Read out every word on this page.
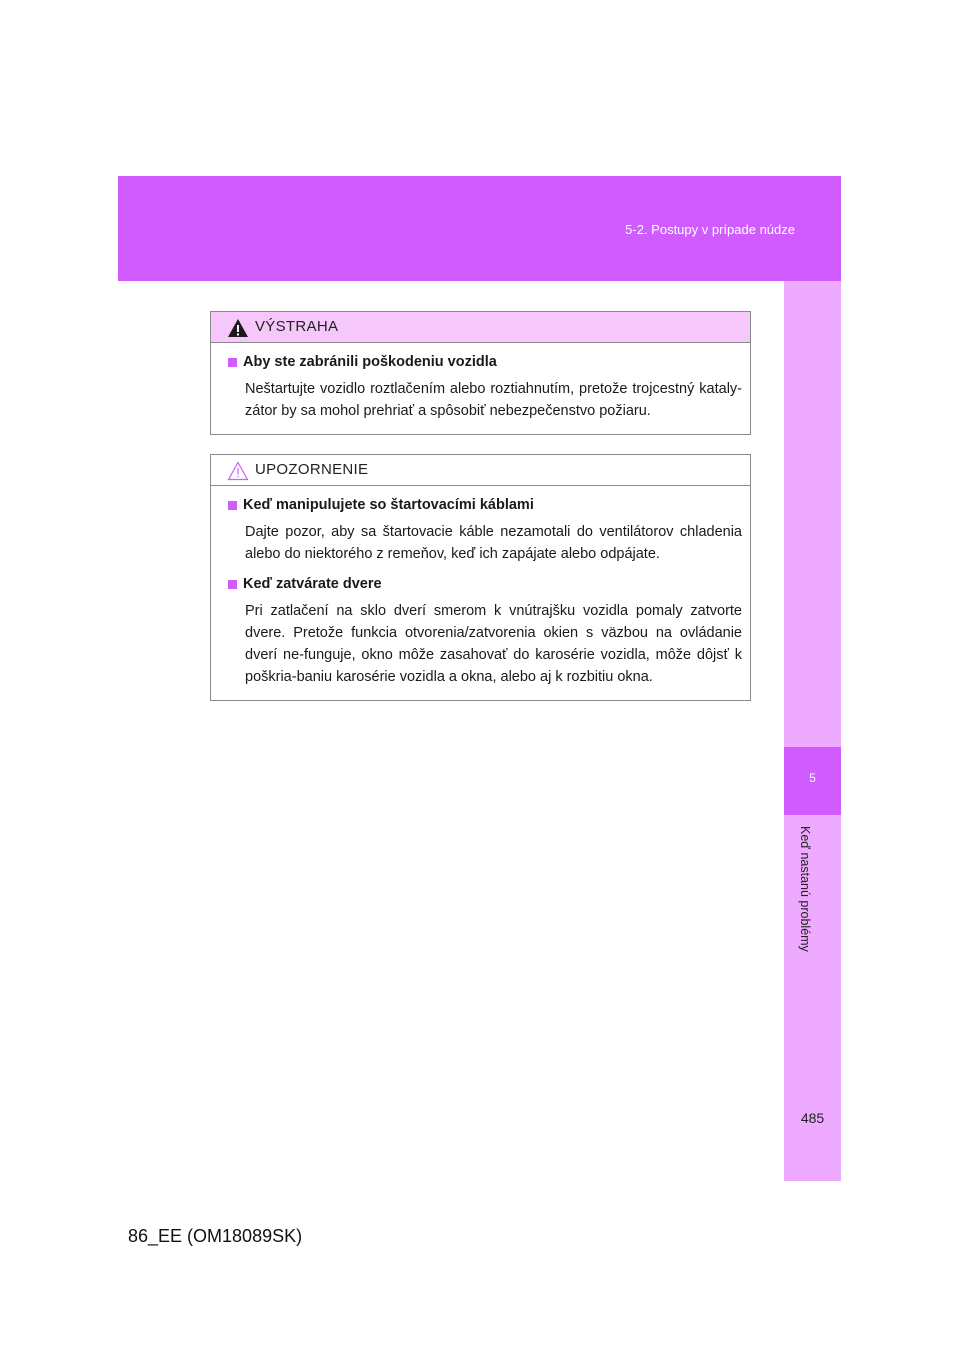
5-2. Postupy v prípade núdze
5
Keď nastanú problémy
VÝSTRAHA
Aby ste zabránili poškodeniu vozidla
Neštartujte vozidlo roztlačením alebo roztiahnutím, pretože trojcestný kataly-zátor by sa mohol prehriať a spôsobiť nebezpečenstvo požiaru.
UPOZORNENIE
Keď manipulujete so štartovacími káblami
Dajte pozor, aby sa štartovacie káble nezamotali do ventilátorov chladenia alebo do niektorého z remeňov, keď ich zapájate alebo odpájate.
Keď zatvárate dvere
Pri zatlačení na sklo dverí smerom k vnútrajšku vozidla pomaly zatvorte dvere. Pretože funkcia otvorenia/zatvorenia okien s väzbou na ovládanie dverí ne-funguje, okno môže zasahovať do karosérie vozidla, môže dôjsť k poškria-baniu karosérie vozidla a okna, alebo aj k rozbitiu okna.
485
86_EE (OM18089SK)
